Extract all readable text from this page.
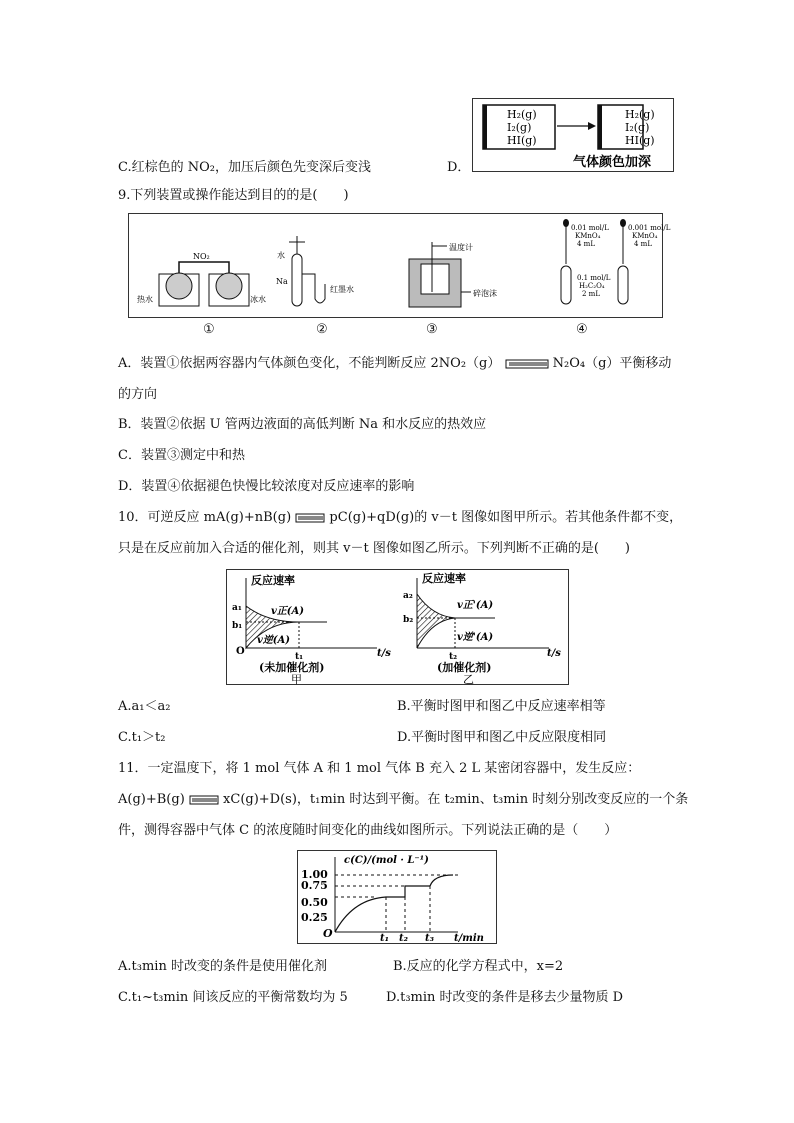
C.红棕色的 NO₂，加压后颜色先变深后变浅	D．
H₂(g)
I₂(g)
HI(g)
H₂(g)
I₂(g)
HI(g)
气体颜色加深
9.下列装置或操作能达到目的的是(　　)
NO₂
热水	冰水
水
Na
红墨水
温度计
碎泡沫
0.01 mol/L
KMnO₄
4 mL
0.001 mol/L
KMnO₄
4 mL
0.1 mol/L
H₂C₂O₄
2 mL
①	②	③	④
A．装置①依据两容器内气体颜色变化，不能判断反应 2NO₂（g）	N₂O₄（g）平衡移动
的方向
B．装置②依据 U 管两边液面的高低判断 Na 和水反应的热效应
C．装置③测定中和热
D．装置④依据褪色快慢比较浓度对反应速率的影响
10．可逆反应 mA(g)+nB(g)	pC(g)+qD(g)的 v－t 图像如图甲所示。若其他条件都不变，
只是在反应前加入合适的催化剂，则其 v－t 图像如图乙所示。下列判断不正确的是(　　)
反应速率
a₁
b₁
v正(A)
v逆(A)
O	t₁	t/s
(未加催化剂)
甲
反应速率
a₂
b₂
v正'(A)
v逆'(A)
t₂	t/s
(加催化剂)
乙
A.a₁＜a₂	B.平衡时图甲和图乙中反应速率相等
C.t₁＞t₂	D.平衡时图甲和图乙中反应限度相同
11．一定温度下，将 1 mol 气体 A 和 1 mol 气体 B 充入 2 L 某密闭容器中，发生反应：
A(g)+B(g)	xC(g)+D(s)，t₁min 时达到平衡。在 t₂min、t₃min 时刻分别改变反应的一个条
件，测得容器中气体 C 的浓度随时间变化的曲线如图所示。下列说法正确的是（　　）
c(C)/(mol · L⁻¹)
1.00
0.75
0.50
0.25
O	t₁ t₂ t₃ t/min
A.t₃min 时改变的条件是使用催化剂	B.反应的化学方程式中，x=2
C.t₁~t₃min 间该反应的平衡常数均为 5	D.t₃min 时改变的条件是移去少量物质 D
